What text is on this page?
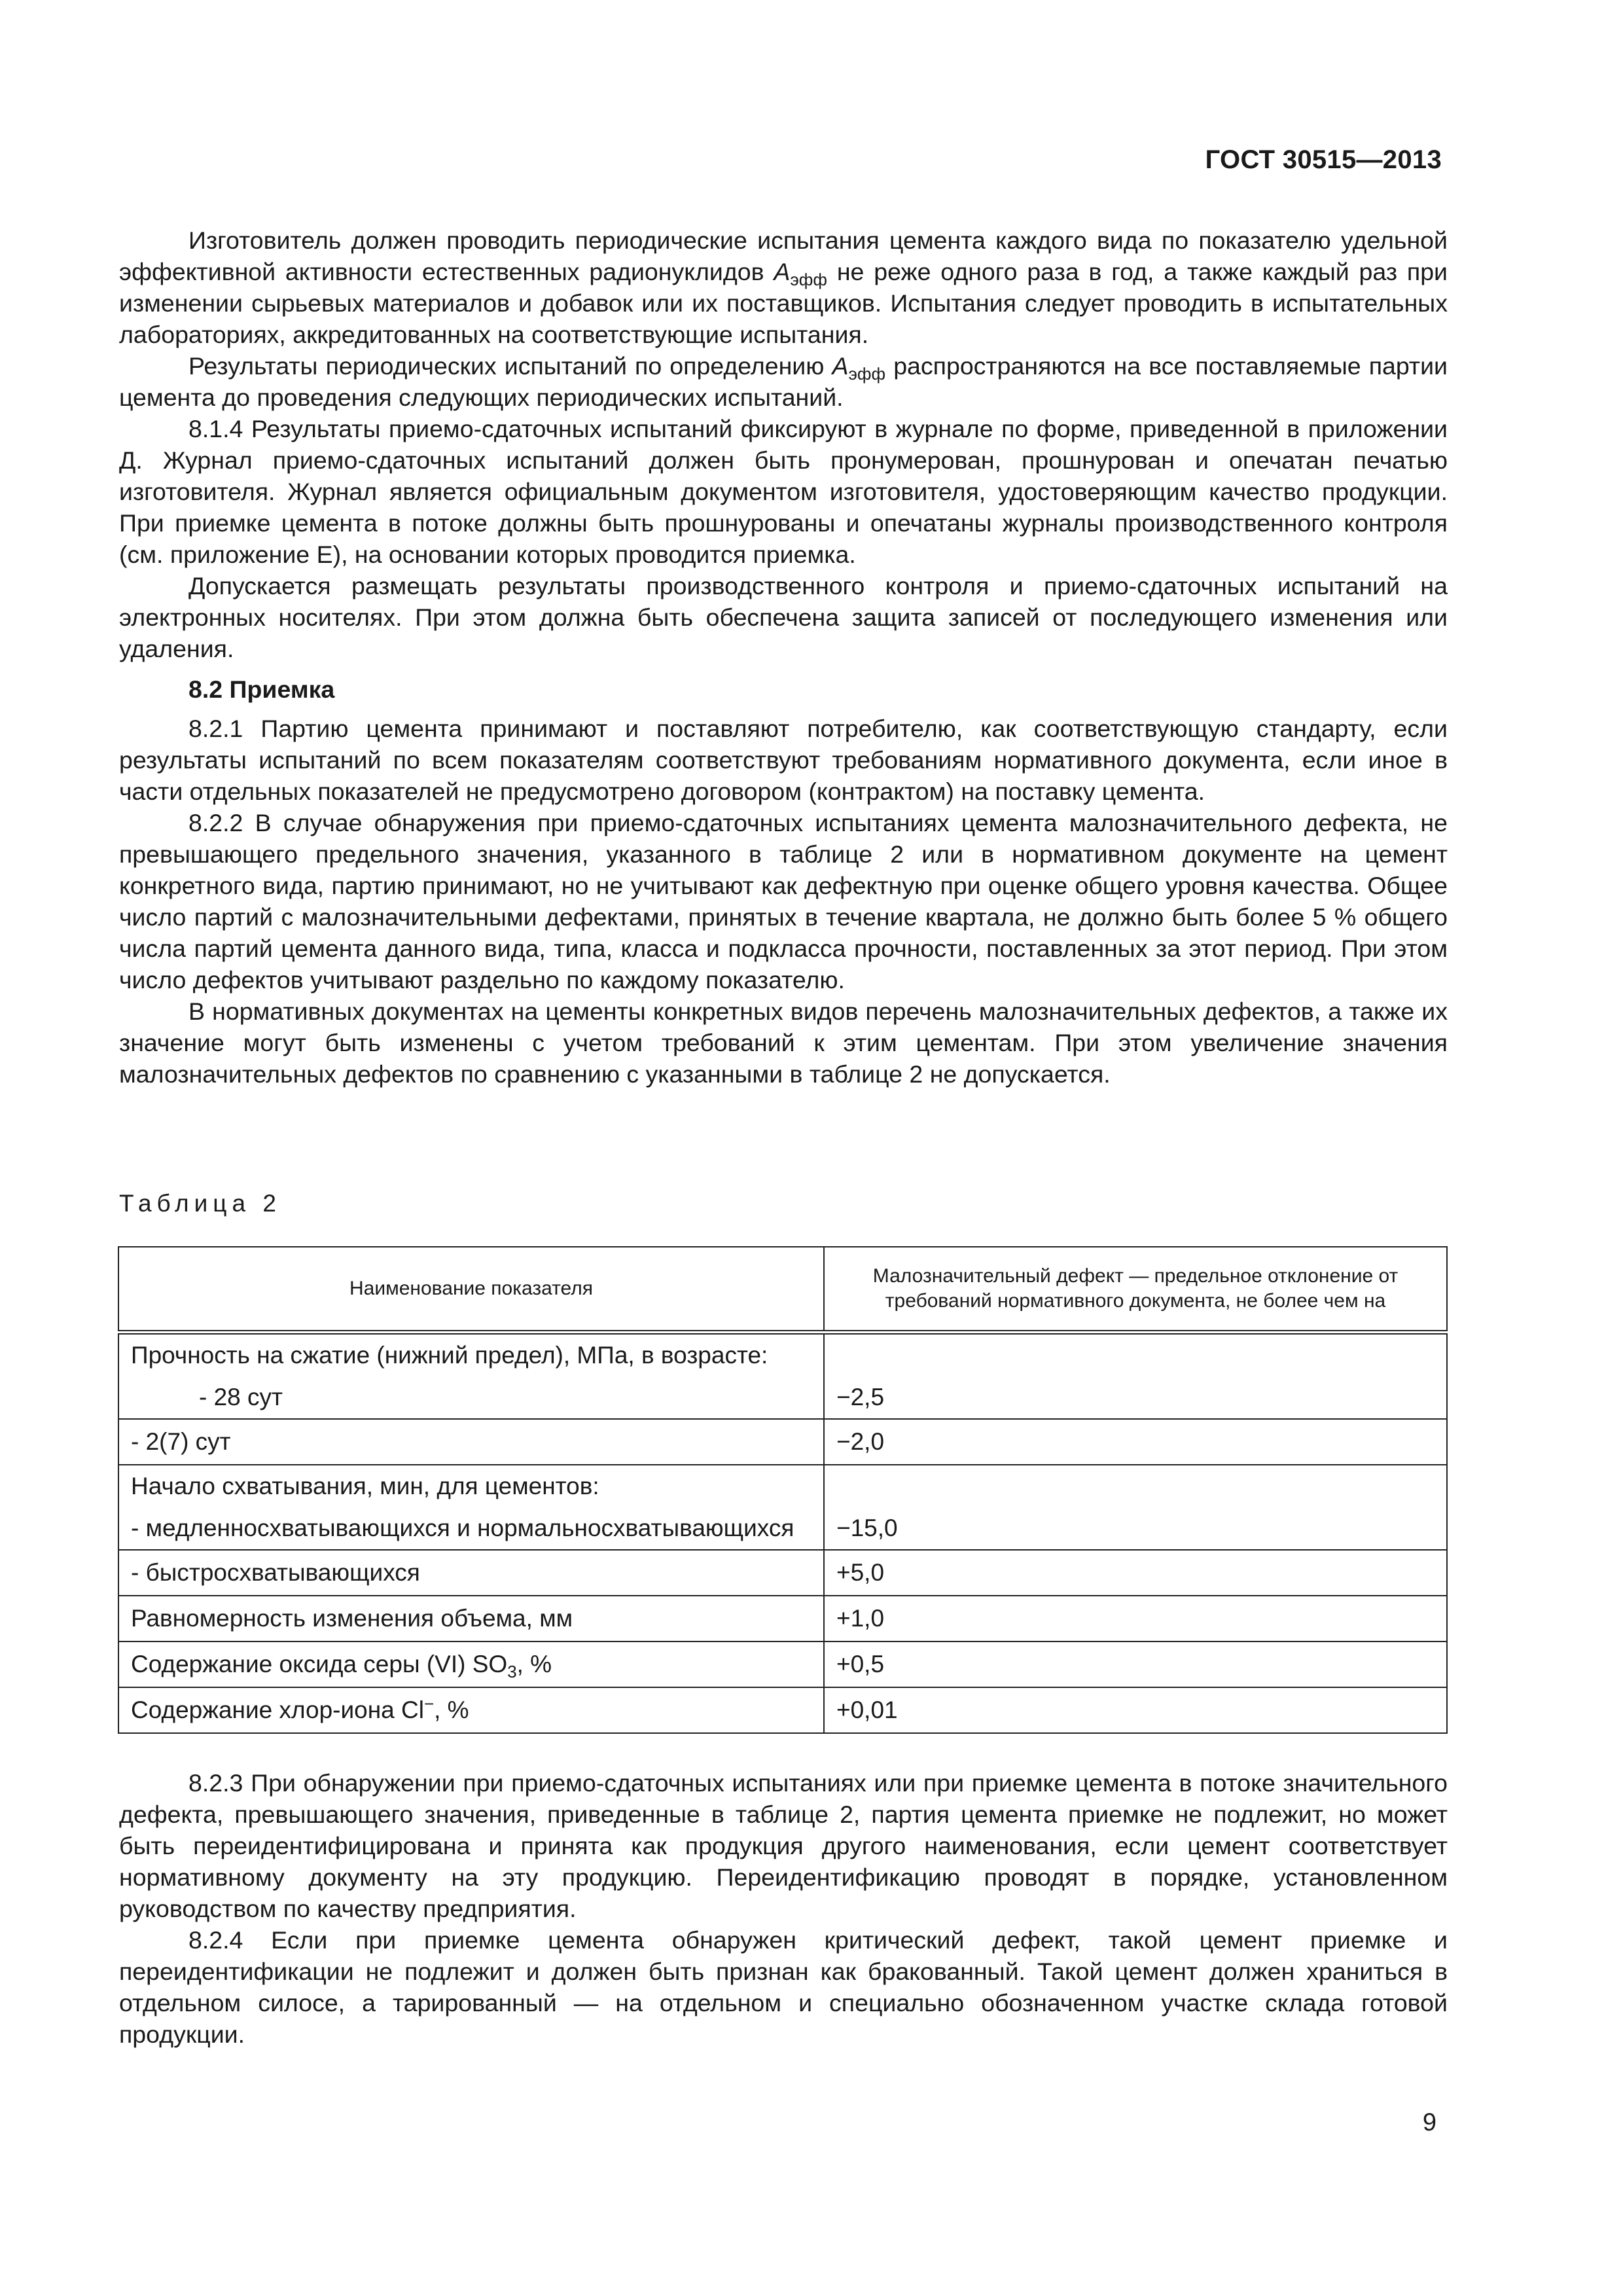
ГОСТ 30515—2013

Изготовитель должен проводить периодические испытания цемента каждого вида по показателю удельной эффективной активности естественных радионуклидов $А_{эфф}$ не реже одного раза в год, а также каждый раз при изменении сырьевых материалов и добавок или их поставщиков. Испытания следует проводить в испытательных лабораториях, аккредитованных на соответствующие испытания.

Результаты периодических испытаний по определению $А_{эфф}$ распространяются на все поставляемые партии цемента до проведения следующих периодических испытаний.

8.1.4 Результаты приемо-сдаточных испытаний фиксируют в журнале по форме, приведенной в приложении Д. Журнал приемо-сдаточных испытаний должен быть пронумерован, прошнурован и опечатан печатью изготовителя. Журнал является официальным документом изготовителя, удостоверяющим качество продукции. При приемке цемента в потоке должны быть прошнурованы и опечатаны журналы производственного контроля (см. приложение Е), на основании которых проводится приемка.

Допускается размещать результаты производственного контроля и приемо-сдаточных испытаний на электронных носителях. При этом должна быть обеспечена защита записей от последующего изменения или удаления.

8.2 Приемка

8.2.1 Партию цемента принимают и поставляют потребителю, как соответствующую стандарту, если результаты испытаний по всем показателям соответствуют требованиям нормативного документа, если иное в части отдельных показателей не предусмотрено договором (контрактом) на поставку цемента.

8.2.2 В случае обнаружения при приемо-сдаточных испытаниях цемента малозначительного дефекта, не превышающего предельного значения, указанного в таблице 2 или в нормативном документе на цемент конкретного вида, партию принимают, но не учитывают как дефектную при оценке общего уровня качества. Общее число партий с малозначительными дефектами, принятых в течение квартала, не должно быть более 5 % общего числа партий цемента данного вида, типа, класса и подкласса прочности, поставленных за этот период. При этом число дефектов учитывают раздельно по каждому показателю.

В нормативных документах на цементы конкретных видов перечень малозначительных дефектов, а также их значение могут быть изменены с учетом требований к этим цементам. При этом увеличение значения малозначительных дефектов по сравнению с указанными в таблице 2 не допускается.

Таблица 2
Наименование показателя	Малозначительный дефект — предельное отклонение от требований нормативного документа, не более чем на

Прочность на сжатие (нижний предел), МПа, в возрасте:
- 28 сут	−2,5

- 2(7) сут	−2,0

Начало схватывания, мин, для цементов:
- медленносхватывающихся и нормальносхватывающихся	−15,0

- быстросхватывающихся	+5,0
Равномерность изменения объема, мм	+1,0
Содержание оксида серы (VI) $SO_3$, %	+0,5
Содержание хлор-иона Cl−, %	+0,01

8.2.3 При обнаружении при приемо-сдаточных испытаниях или при приемке цемента в потоке значительного дефекта, превышающего значения, приведенные в таблице 2, партия цемента приемке не подлежит, но может быть переидентифицирована и принята как продукция другого наименования, если цемент соответствует нормативному документу на эту продукцию. Переидентификацию проводят в порядке, установленном руководством по качеству предприятия.

8.2.4 Если при приемке цемента обнаружен критический дефект, такой цемент приемке и переидентификации не подлежит и должен быть признан как бракованный. Такой цемент должен храниться в отдельном силосе, а тарированный — на отдельном и специально обозначенном участке склада готовой продукции.

9
